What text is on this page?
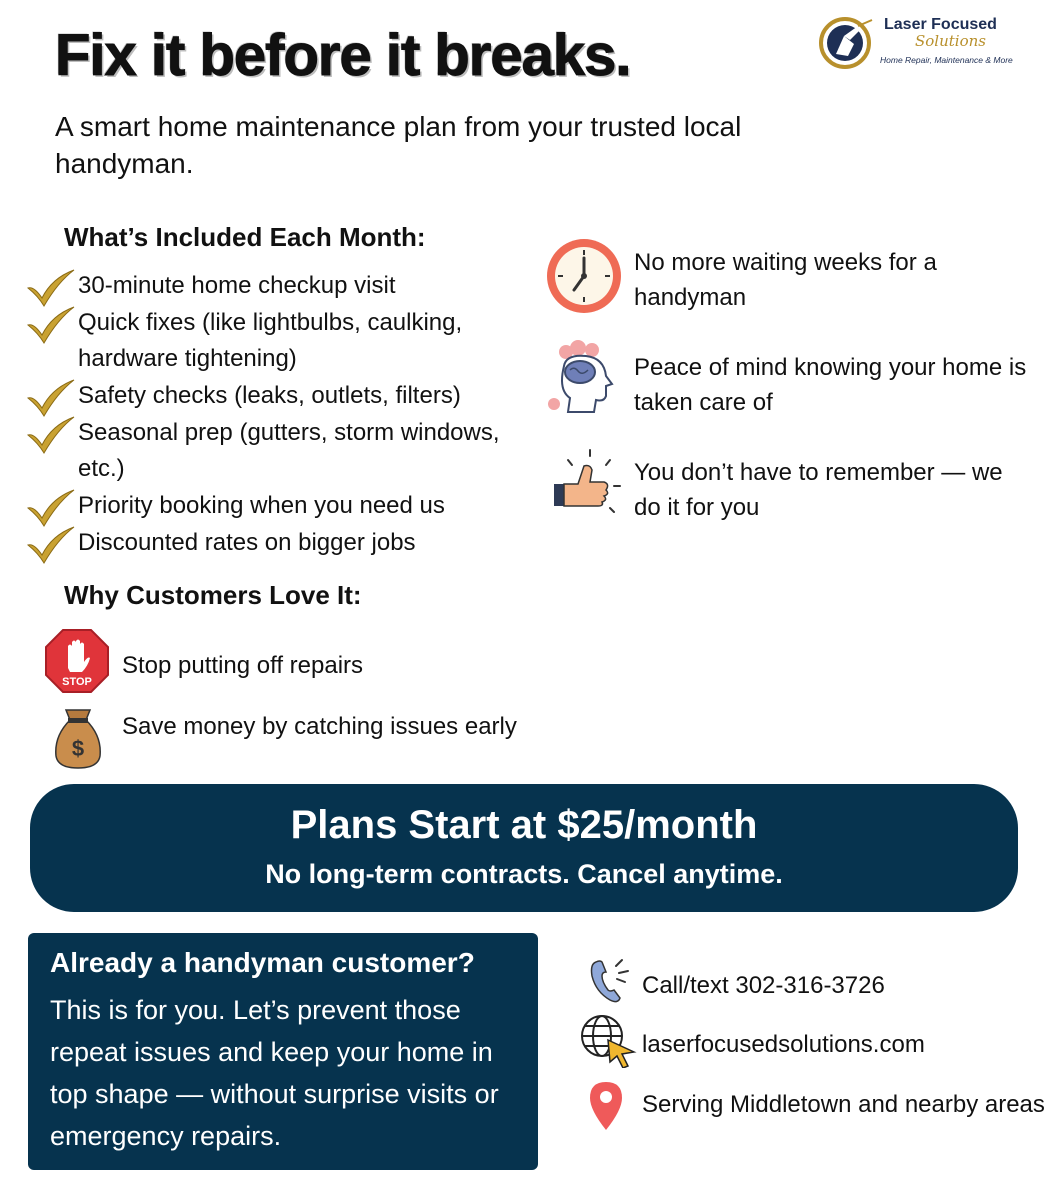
Fix it before it breaks.
A smart home maintenance plan from your trusted local handyman.
Laser Focused
Solutions
Home Repair, Maintenance & More
What’s Included Each Month:
30-minute home checkup visit
Quick fixes (like lightbulbs, caulking, hardware tightening)
Safety checks (leaks, outlets, filters)
Seasonal prep (gutters, storm windows, etc.)
Priority booking when you need us
Discounted rates on bigger jobs
No more waiting weeks for a handyman
Peace of mind knowing your home is taken care of
You don’t have to remember — we do it for you
Why Customers Love It:
STOP
Stop putting off repairs
$
Save money by catching issues early
Plans Start at $25/month
No long-term contracts. Cancel anytime.
Already a handyman customer?
This is for you. Let’s prevent those repeat issues and keep your home in top shape — without surprise visits or emergency repairs.
Call/text 302-316-3726
laserfocusedsolutions.com
Serving Middletown and nearby areas
